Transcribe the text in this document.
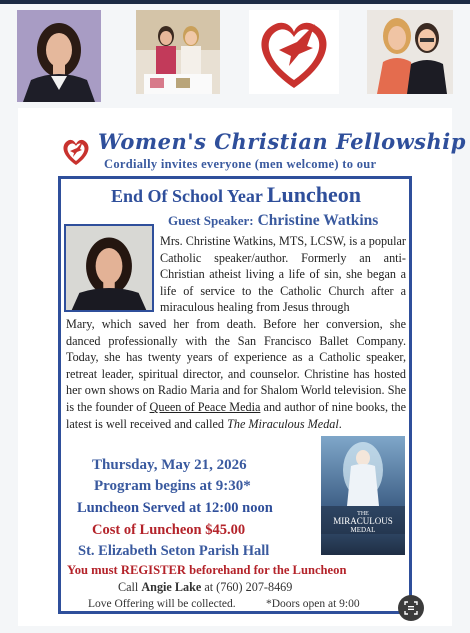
Women's Christian Fellowship
Cordially invites everyone (men welcome) to our
End Of School Year Luncheon
Guest Speaker: Christine Watkins
Mrs. Christine Watkins, MTS, LCSW, is a popular Catholic speaker/author. Formerly an anti-Christian atheist living a life of sin, she began a life of service to the Catholic Church after a miraculous healing from Jesus through
Mary, which saved her from death. Before her conversion, she danced professionally with the San Francisco Ballet Company. Today, she has twenty years of experience as a Catholic speaker, retreat leader, spiritual director, and counselor. Christine has hosted her own shows on Radio Maria and for Shalom World television. She is the founder of Queen of Peace Media and author of nine books, the latest is well received and called The Miraculous Medal.
THE
MIRACULOUS
MEDAL
Thursday, May 21, 2026
Program begins at 9:30*
Luncheon Served at 12:00 noon
Cost of Luncheon $45.00
St. Elizabeth Seton Parish Hall
You must REGISTER beforehand for the Luncheon
Call Angie Lake at (760) 207-8469
Love Offering will be collected.	*Doors open at 9:00
